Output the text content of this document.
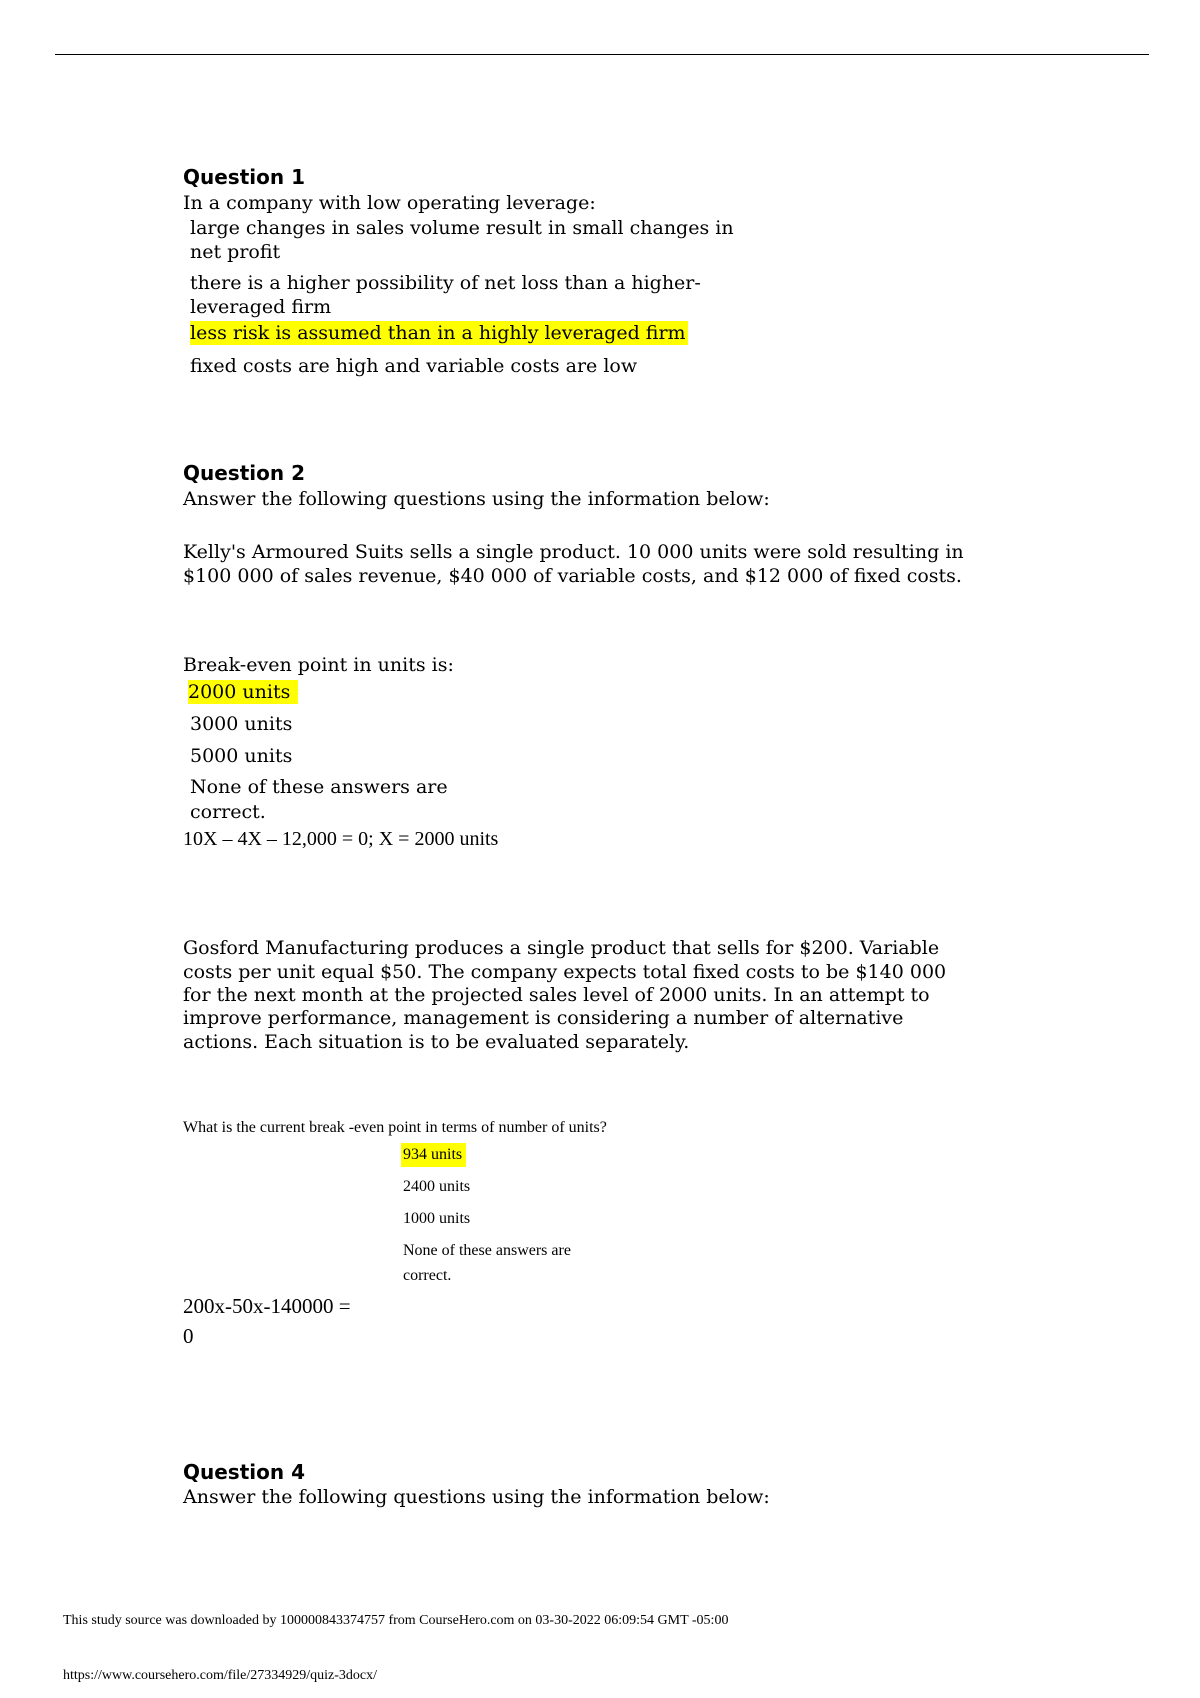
Question 1
In a company with low operating leverage:
large changes in sales volume result in small changes in
net profit
there is a higher possibility of net loss than a higher-
leveraged firm
less risk is assumed than in a highly leveraged firm
fixed costs are high and variable costs are low
Question 2
Answer the following questions using the information below:
Kelly's Armoured Suits sells a single product. 10 000 units were sold resulting in
$100 000 of sales revenue, $40 000 of variable costs, and $12 000 of fixed costs.
Break-even point in units is:
2000 units
3000 units
5000 units
None of these answers are
correct.
10X – 4X – 12,000 = 0; X = 2000 units
Gosford Manufacturing produces a single product that sells for $200. Variable
costs per unit equal $50. The company expects total fixed costs to be $140 000
for the next month at the projected sales level of 2000 units. In an attempt to
improve performance, management is considering a number of alternative
actions. Each situation is to be evaluated separately.
What is the current break -even point in terms of number of units?
934 units
2400 units
1000 units
None of these answers are
correct.
200x-50x-140000 =
0
Question 4
Answer the following questions using the information below:
This study source was downloaded by 100000843374757 from CourseHero.com on 03-30-2022 06:09:54 GMT -05:00
https://www.coursehero.com/file/27334929/quiz-3docx/
